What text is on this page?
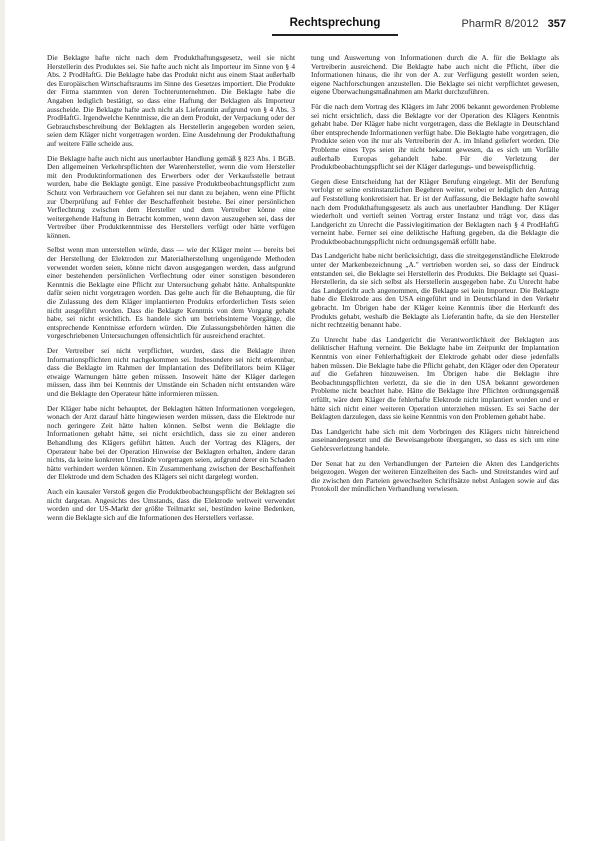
Rechtsprechung	PharmR 8/2012 357

Die Beklagte hafte nicht nach dem Produkthaftungsgesetz, weil sie nicht Herstellerin des Produktes sei. Sie hafte auch nicht als Importeur im Sinne von § 4 Abs. 2 ProdHaftG. Die Beklagte habe das Produkt nicht aus einem Staat außerhalb des Europäischen Wirtschaftsraums im Sinne des Gesetzes importiert. Die Produkte der Firma stammten von deren Tochterunternehmen. Die Beklagte habe die Angaben lediglich bestätigt, so dass eine Haftung der Beklagten als Importeur ausscheide. Die Beklagte hafte auch nicht als Lieferantin aufgrund von § 4 Abs. 3 ProdHaftG. Irgendwelche Kenntnisse, die an dem Produkt, der Verpackung oder der Gebrauchsbeschreibung der Beklagten als Herstellerin angegeben worden seien, seien dem Kläger nicht vorgetragen worden. Eine Ausdehnung der Produkthaftung auf weitere Fälle scheide aus.

Die Beklagte hafte auch nicht aus unerlaubter Handlung gemäß § 823 Abs. 1 BGB. Den allgemeinen Verkehrspflichten der Warenhersteller, wenn die vom Hersteller mit den Produktinformationen des Erwerbers oder der Verkaufsstelle betraut wurden, habe die Beklagte genügt. Eine passive Produktbeobachtungspflicht zum Schutz von Verbrauchern vor Gefahren sei nur dann zu bejahen, wenn eine Pflicht zur Überprüfung auf Fehler der Beschaffenheit bestehe. Bei einer persönlichen Verflechtung zwischen dem Hersteller und dem Vertreiber könne eine weitergehende Haftung in Betracht kommen, wenn davon auszugehen sei, dass der Vertreiber über Produktkenntnisse des Herstellers verfügt oder hätte verfügen können.

Selbst wenn man unterstellen würde, dass — wie der Kläger meint — bereits bei der Herstellung der Elektroden zur Materialherstellung ungenügende Methoden verwendet worden seien, könne nicht davon ausgegangen werden, dass aufgrund einer bestehenden persönlichen Verflechtung oder einer sonstigen besonderen Kenntnis die Beklagte eine Pflicht zur Untersuchung gehabt hätte. Anhaltspunkte dafür seien nicht vorgetragen worden. Das gelte auch für die Behauptung, die für die Zulassung des dem Kläger implantierten Produkts erforderlichen Tests seien nicht ausgeführt worden. Dass die Beklagte Kenntnis von dem Vorgang gehabt habe, sei nicht ersichtlich. Es handele sich um betriebsinterne Vorgänge, die entsprechende Kenntnisse erfordern würden. Die Zulassungsbehörden hätten die vorgeschriebenen Untersuchungen offensichtlich für ausreichend erachtet.

Der Vertreiber sei nicht verpflichtet, wurden, dass die Beklagte ihren Informationspflichten nicht nachgekommen sei. Insbesondere sei nicht erkennbar, dass die Beklagte im Rahmen der Implantation des Defibrillators beim Kläger etwaige Warnungen hätte geben müssen. Insoweit hätte der Kläger darlegen müssen, dass ihm bei Kenntnis der Umstände ein Schaden nicht entstanden wäre und die Beklagte den Operateur hätte informieren müssen.

Der Kläger habe nicht behauptet, der Beklagten hätten Informationen vorgelegen, wonach der Arzt darauf hätte hingewiesen werden müssen, dass die Elektrode nur noch geringere Zeit hätte halten können. Selbst wenn die Beklagte die Informationen gehabt hätte, sei nicht ersichtlich, dass sie zu einer anderen Behandlung des Klägers geführt hätten. Auch der Vortrag des Klägers, der Operateur habe bei der Operation Hinweise der Beklagten erhalten, ändere daran nichts, da keine konkreten Umstände vorgetragen seien, aufgrund derer ein Schaden hätte verhindert werden können. Ein Zusammenhang zwischen der Beschaffenheit der Elektrode und dem Schaden des Klägers sei nicht dargelegt worden.

Auch ein kausaler Verstoß gegen die Produktbeobachtungspflicht der Beklagten sei nicht dargetan. Angesichts des Umstands, dass die Elektrode weltweit verwendet worden und der US-Markt der größte Teilmarkt sei, bestünden keine Bedenken, wenn die Beklagte sich auf die Informationen des Herstellers verlasse.

tung und Auswertung von Informationen durch die A. für die Beklagte als Vertreiberin ausreichend. Die Beklagte habe auch nicht die Pflicht, über die Informationen hinaus, die ihr von der A. zur Verfügung gestellt worden seien, eigene Nachforschungen anzustellen. Die Beklagte sei nicht verpflichtet gewesen, eigene Überwachungsmaßnahmen am Markt durchzuführen.

Für die nach dem Vortrag des Klägers im Jahr 2006 bekannt gewordenen Probleme sei nicht ersichtlich, dass die Beklagte vor der Operation des Klägers Kenntnis gehabt habe. Der Kläger habe nicht vorgetragen, dass die Beklagte in Deutschland über entsprechende Informationen verfügt habe. Die Beklagte habe vorgetragen, die Produkte seien von ihr nur als Vertreiberin der A. im Inland geliefert worden. Die Probleme eines Typs seien ihr nicht bekannt gewesen, da es sich um Vorfälle außerhalb Europas gehandelt habe. Für die Verletzung der Produktbeobachtungspflicht sei der Kläger darlegungs- und beweispflichtig.

Gegen diese Entscheidung hat der Kläger Berufung eingelegt. Mit der Berufung verfolgt er seine erstinstanzlichen Begehren weiter, wobei er lediglich den Antrag auf Feststellung konkretisiert hat. Er ist der Auffassung, die Beklagte hafte sowohl nach dem Produkthaftungsgesetz als auch aus unerlaubter Handlung. Der Kläger wiederholt und vertieft seinen Vortrag erster Instanz und trägt vor, dass das Landgericht zu Unrecht die Passivlegitimation der Beklagten nach § 4 ProdHaftG verneint habe. Ferner sei eine deliktische Haftung gegeben, da die Beklagte die Produktbeobachtungspflicht nicht ordnungsgemäß erfüllt habe.

Das Landgericht habe nicht berücksichtigt, dass die streitgegenständliche Elektrode unter der Markenbezeichnung „A." vertrieben worden sei, so dass der Eindruck entstanden sei, die Beklagte sei Herstellerin des Produkts. Die Beklagte sei Quasi-Herstellerin, da sie sich selbst als Herstellerin ausgegeben habe. Zu Unrecht habe das Landgericht auch angenommen, die Beklagte sei kein Importeur. Die Beklagte habe die Elektrode aus den USA eingeführt und in Deutschland in den Verkehr gebracht. Im Übrigen habe der Kläger keine Kenntnis über die Herkunft des Produkts gehabt, weshalb die Beklagte als Lieferantin hafte, da sie den Hersteller nicht rechtzeitig benannt habe.

Zu Unrecht habe das Landgericht die Verantwortlichkeit der Beklagten aus deliktischer Haftung verneint. Die Beklagte habe im Zeitpunkt der Implantation Kenntnis von einer Fehlerhaftigkeit der Elektrode gehabt oder diese jedenfalls haben müssen. Die Beklagte habe die Pflicht gehabt, den Kläger oder den Operateur auf die Gefahren hinzuweisen. Im Übrigen habe die Beklagte ihre Beobachtungspflichten verletzt, da sie die in den USA bekannt gewordenen Probleme nicht beachtet habe. Hätte die Beklagte ihre Pflichten ordnungsgemäß erfüllt, wäre dem Kläger die fehlerhafte Elektrode nicht implantiert worden und er hätte sich nicht einer weiteren Operation unterziehen müssen. Es sei Sache der Beklagten darzulegen, dass sie keine Kenntnis von den Problemen gehabt habe.

Das Landgericht habe sich mit dem Vorbringen des Klägers nicht hinreichend auseinandergesetzt und die Beweisangebote übergangen, so dass es sich um eine Gehörsverletzung handele.

Der Senat hat zu den Verhandlungen der Parteien die Akten des Landgerichts beigezogen. Wegen der weiteren Einzelheiten des Sach- und Streitstandes wird auf die zwischen den Parteien gewechselten Schriftsätze nebst Anlagen sowie auf das Protokoll der mündlichen Verhandlung verwiesen.
